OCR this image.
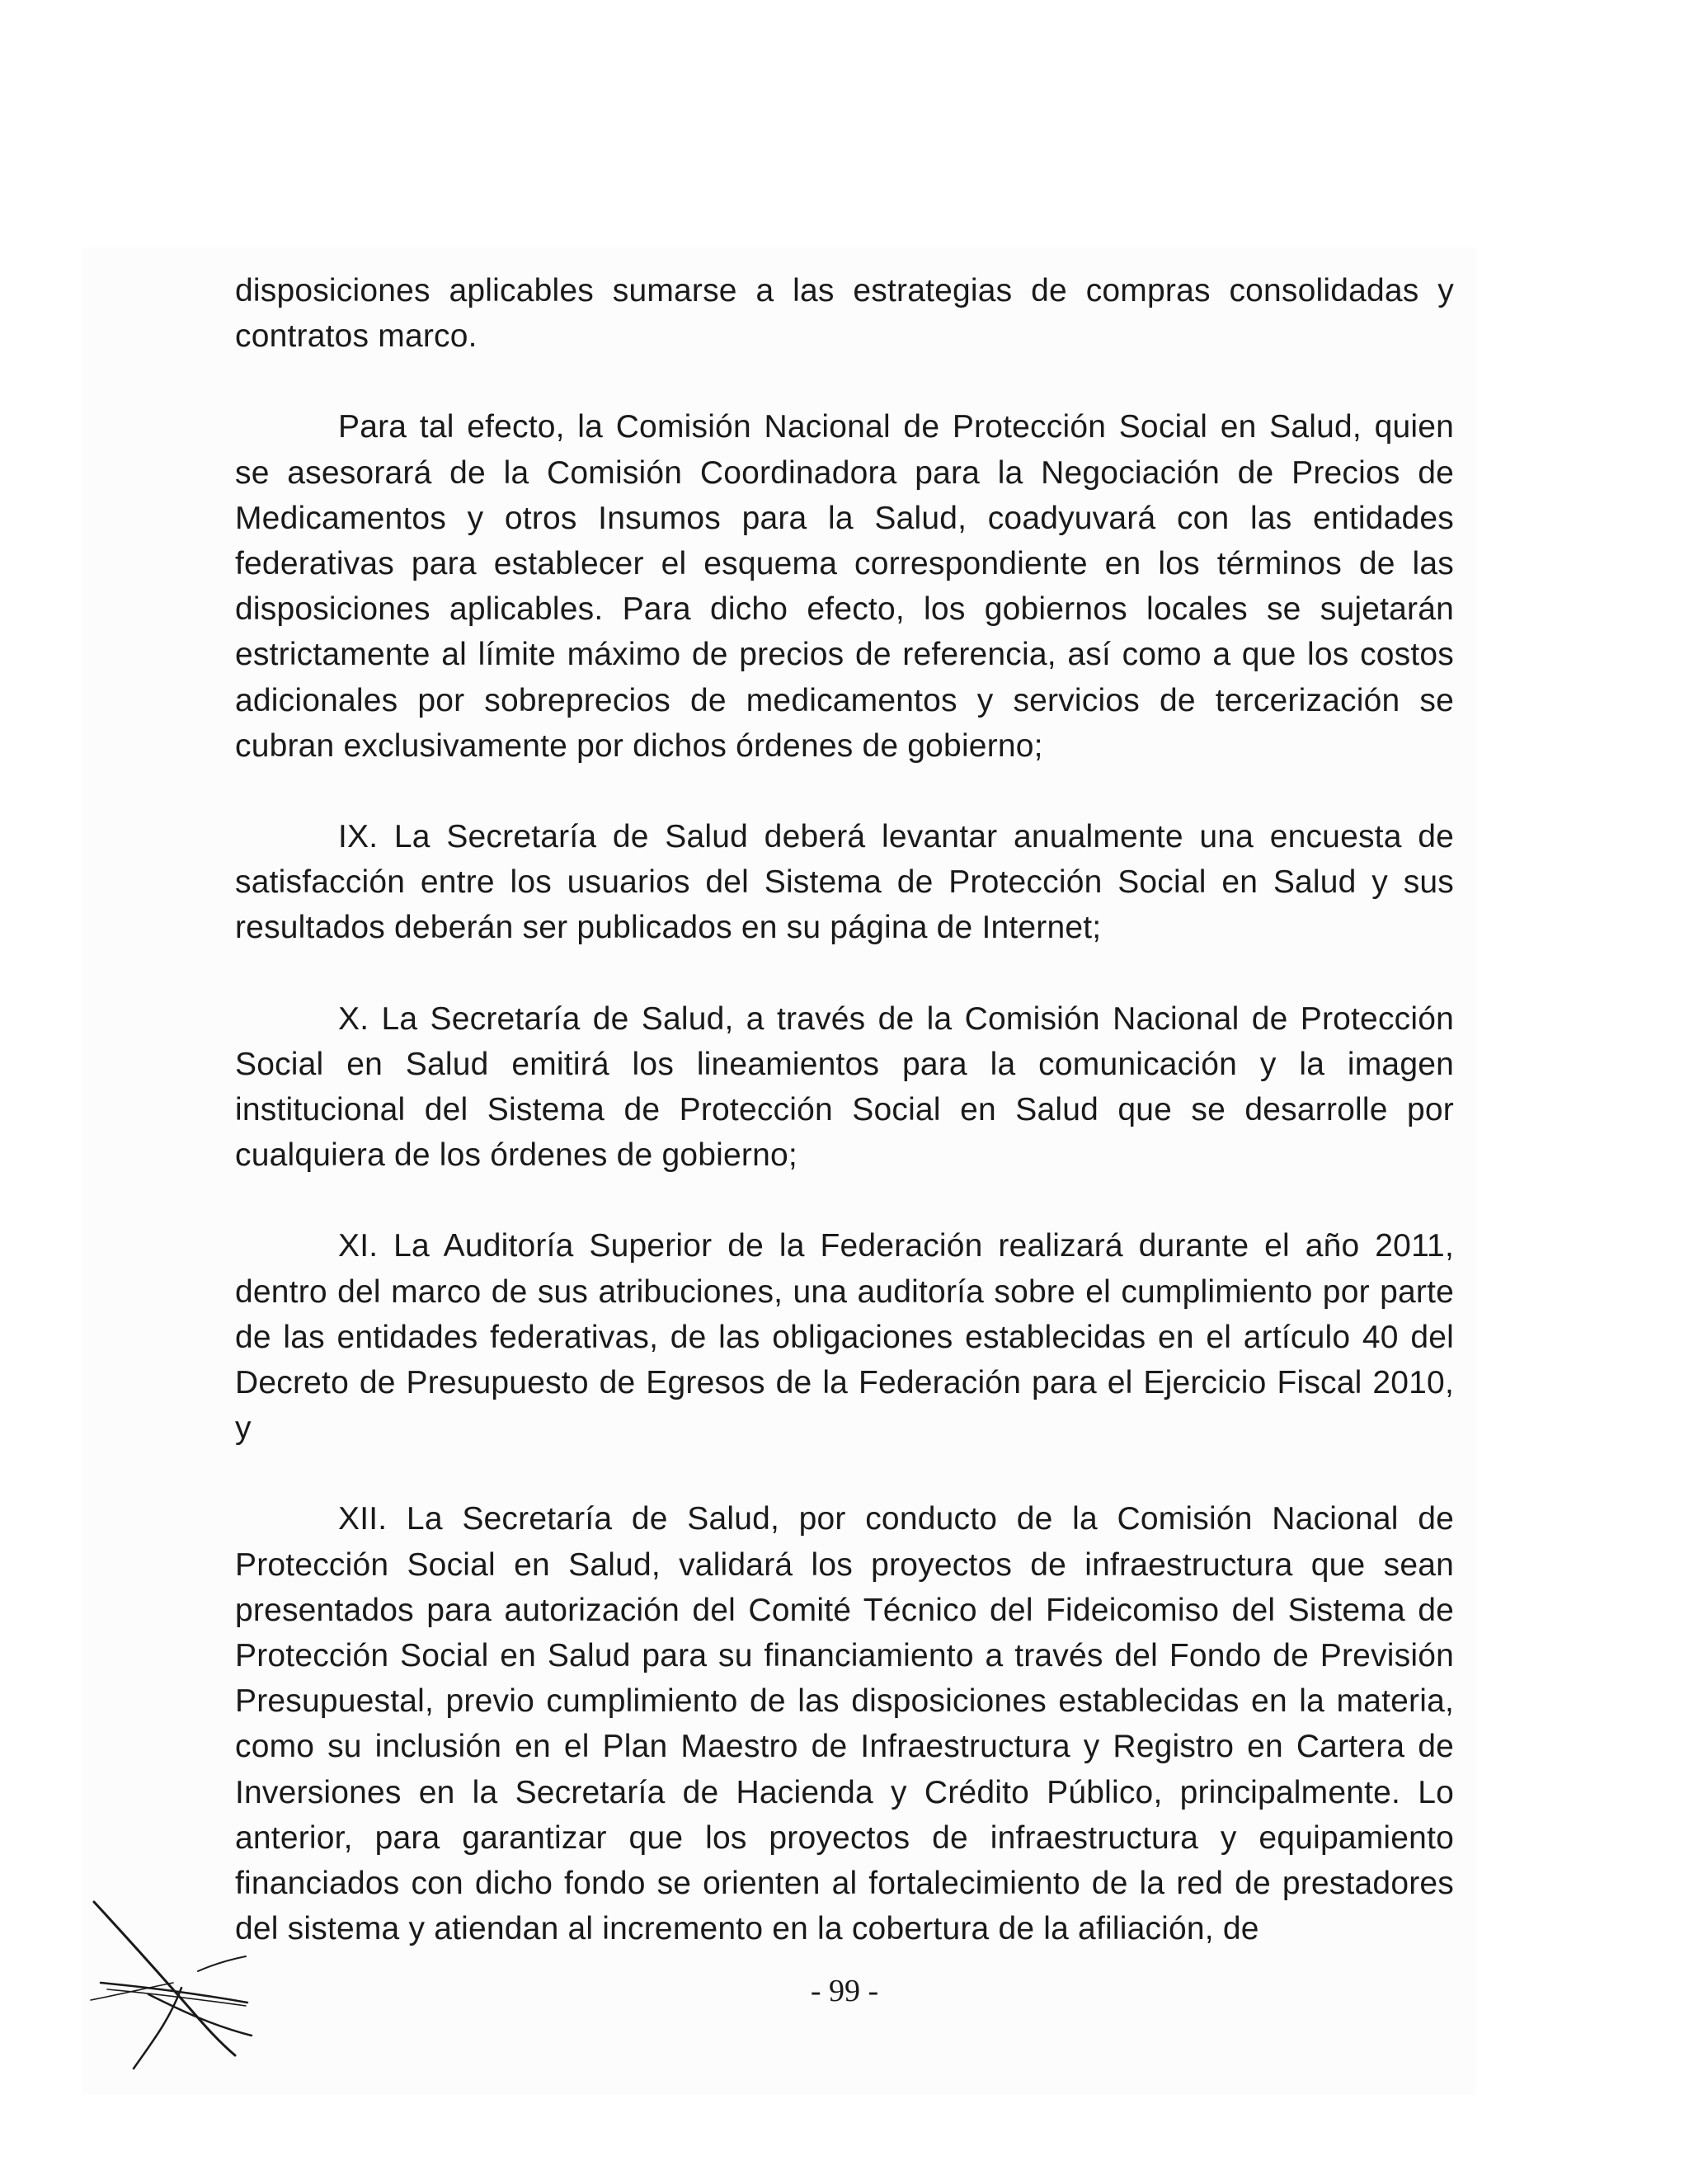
disposiciones aplicables sumarse a las estrategias de compras consolidadas y contratos marco.

Para tal efecto, la Comisión Nacional de Protección Social en Salud, quien se asesorará de la Comisión Coordinadora para la Negociación de Precios de Medicamentos y otros Insumos para la Salud, coadyuvará con las entidades federativas para establecer el esquema correspondiente en los términos de las disposiciones aplicables. Para dicho efecto, los gobiernos locales se sujetarán estrictamente al límite máximo de precios de referencia, así como a que los costos adicionales por sobreprecios de medicamentos y servicios de tercerización se cubran exclusivamente por dichos órdenes de gobierno;

IX. La Secretaría de Salud deberá levantar anualmente una encuesta de satisfacción entre los usuarios del Sistema de Protección Social en Salud y sus resultados deberán ser publicados en su página de Internet;

X. La Secretaría de Salud, a través de la Comisión Nacional de Protección Social en Salud emitirá los lineamientos para la comunicación y la imagen institucional del Sistema de Protección Social en Salud que se desarrolle por cualquiera de los órdenes de gobierno;

XI. La Auditoría Superior de la Federación realizará durante el año 2011, dentro del marco de sus atribuciones, una auditoría sobre el cumplimiento por parte de las entidades federativas, de las obligaciones establecidas en el artículo 40 del Decreto de Presupuesto de Egresos de la Federación para el Ejercicio Fiscal 2010, y

XII. La Secretaría de Salud, por conducto de la Comisión Nacional de Protección Social en Salud, validará los proyectos de infraestructura que sean presentados para autorización del Comité Técnico del Fideicomiso del Sistema de Protección Social en Salud para su financiamiento a través del Fondo de Previsión Presupuestal, previo cumplimiento de las disposiciones establecidas en la materia, como su inclusión en el Plan Maestro de Infraestructura y Registro en Cartera de Inversiones en la Secretaría de Hacienda y Crédito Público, principalmente. Lo anterior, para garantizar que los proyectos de infraestructura y equipamiento financiados con dicho fondo se orienten al fortalecimiento de la red de prestadores del sistema y atiendan al incremento en la cobertura de la afiliación, de

- 99 -
